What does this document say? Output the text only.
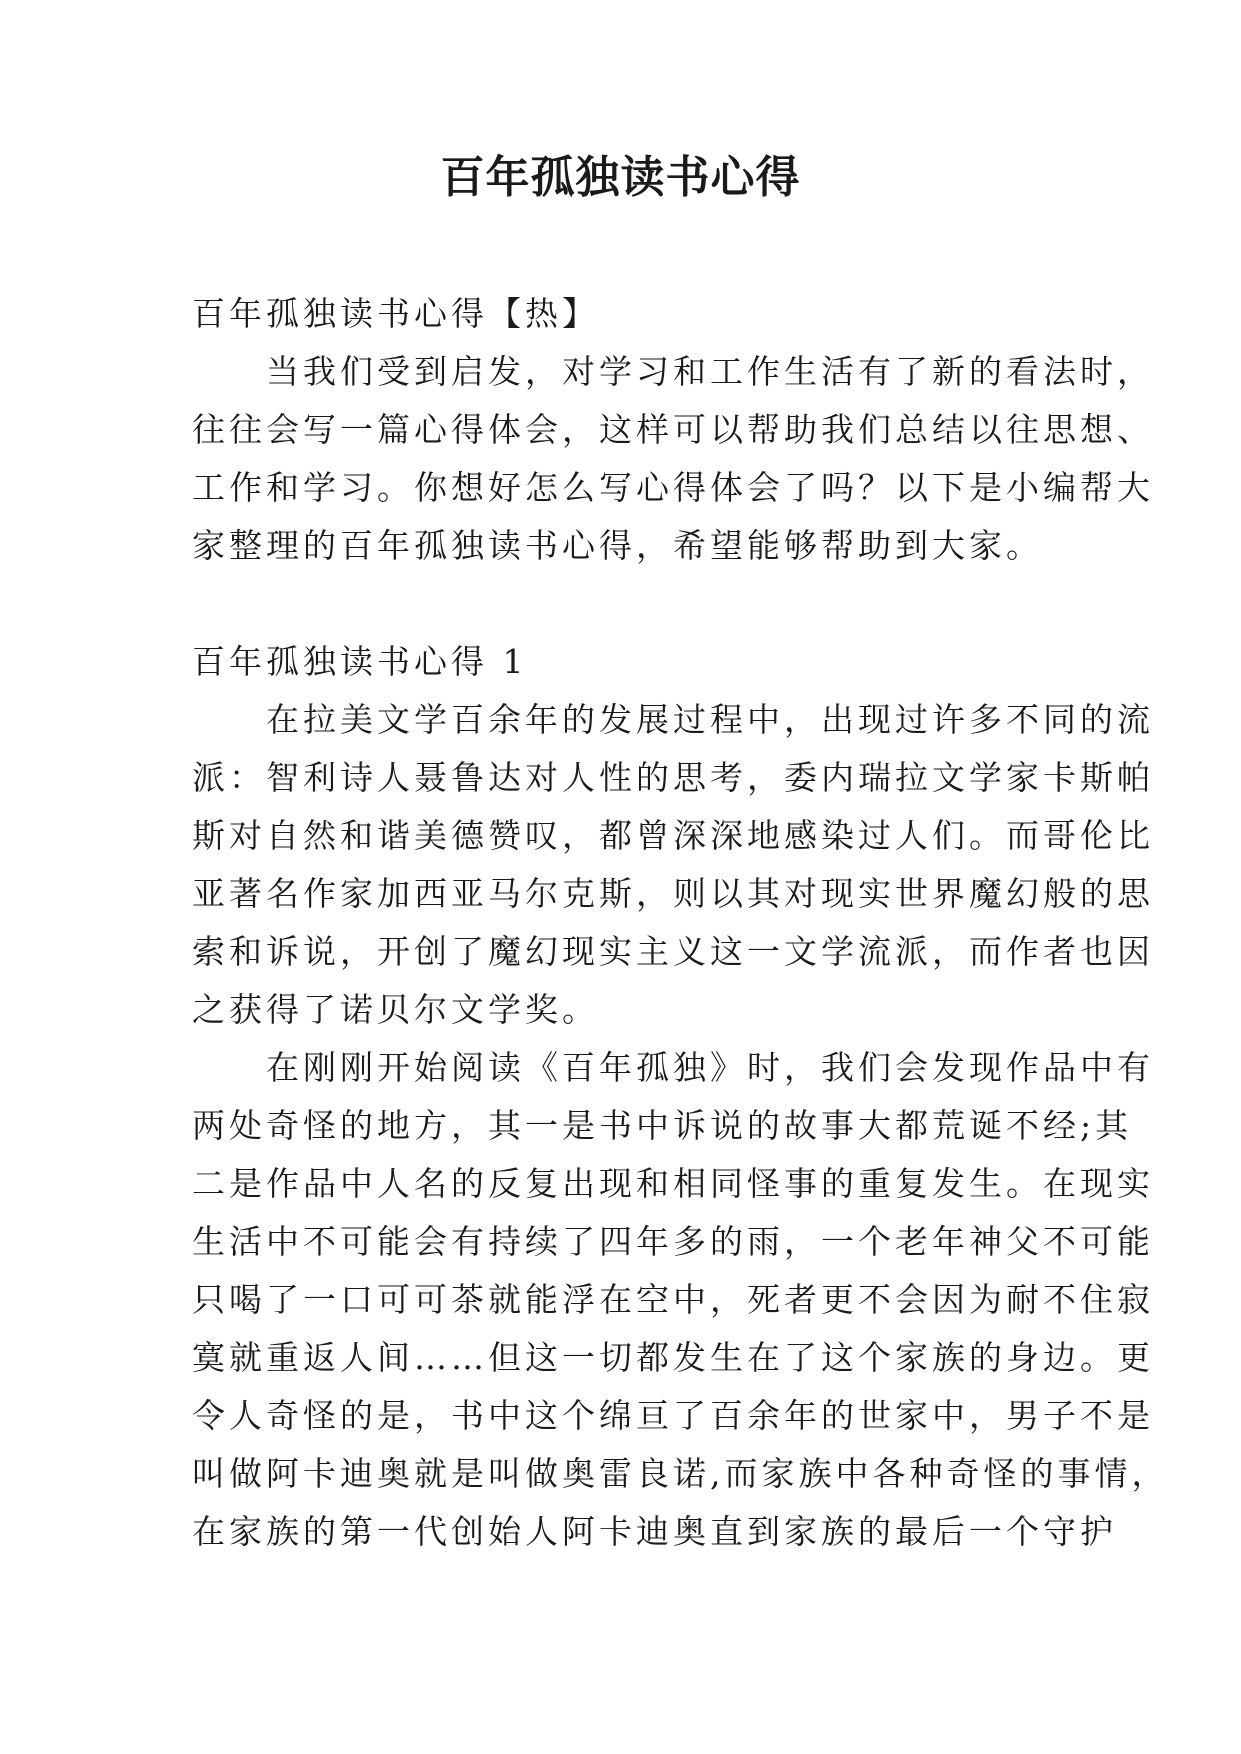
百年孤独读书心得
百年孤独读书心得【热】
　　当我们受到启发，对学习和工作生活有了新的看法时，
往往会写一篇心得体会，这样可以帮助我们总结以往思想、
工作和学习。你想好怎么写心得体会了吗？以下是小编帮大
家整理的百年孤独读书心得，希望能够帮助到大家。
百年孤独读书心得 1
　　在拉美文学百余年的发展过程中，出现过许多不同的流
派：智利诗人聂鲁达对人性的思考，委内瑞拉文学家卡斯帕
斯对自然和谐美德赞叹，都曾深深地感染过人们。而哥伦比
亚著名作家加西亚马尔克斯，则以其对现实世界魔幻般的思
索和诉说，开创了魔幻现实主义这一文学流派，而作者也因
之获得了诺贝尔文学奖。
　　在刚刚开始阅读《百年孤独》时，我们会发现作品中有
两处奇怪的地方，其一是书中诉说的故事大都荒诞不经;其
二是作品中人名的反复出现和相同怪事的重复发生。在现实
生活中不可能会有持续了四年多的雨，一个老年神父不可能
只喝了一口可可茶就能浮在空中，死者更不会因为耐不住寂
寞就重返人间……但这一切都发生在了这个家族的身边。更
令人奇怪的是，书中这个绵亘了百余年的世家中，男子不是
叫做阿卡迪奥就是叫做奥雷良诺,而家族中各种奇怪的事情，
在家族的第一代创始人阿卡迪奥直到家族的最后一个守护
